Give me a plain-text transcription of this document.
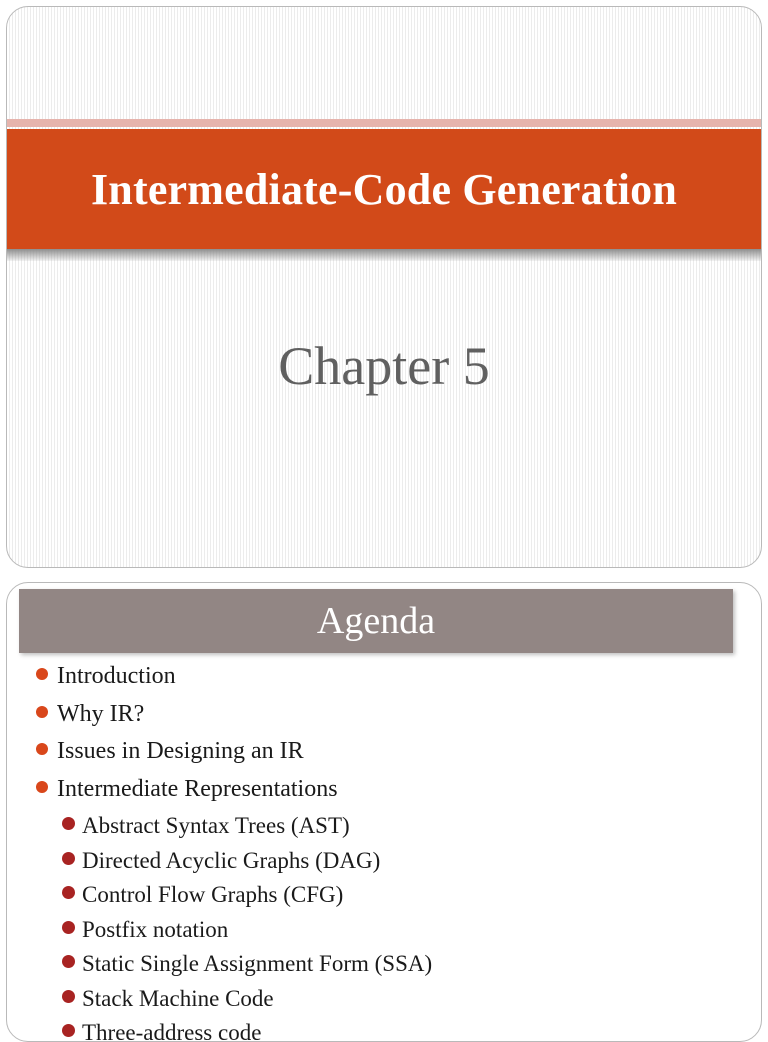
Intermediate-Code Generation
Chapter 5
Agenda
Introduction
Why IR?
Issues in Designing an IR
Intermediate Representations
Abstract Syntax Trees (AST)
Directed Acyclic Graphs (DAG)
Control Flow Graphs (CFG)
Postfix notation
Static Single Assignment Form (SSA)
Stack Machine Code
Three-address code
